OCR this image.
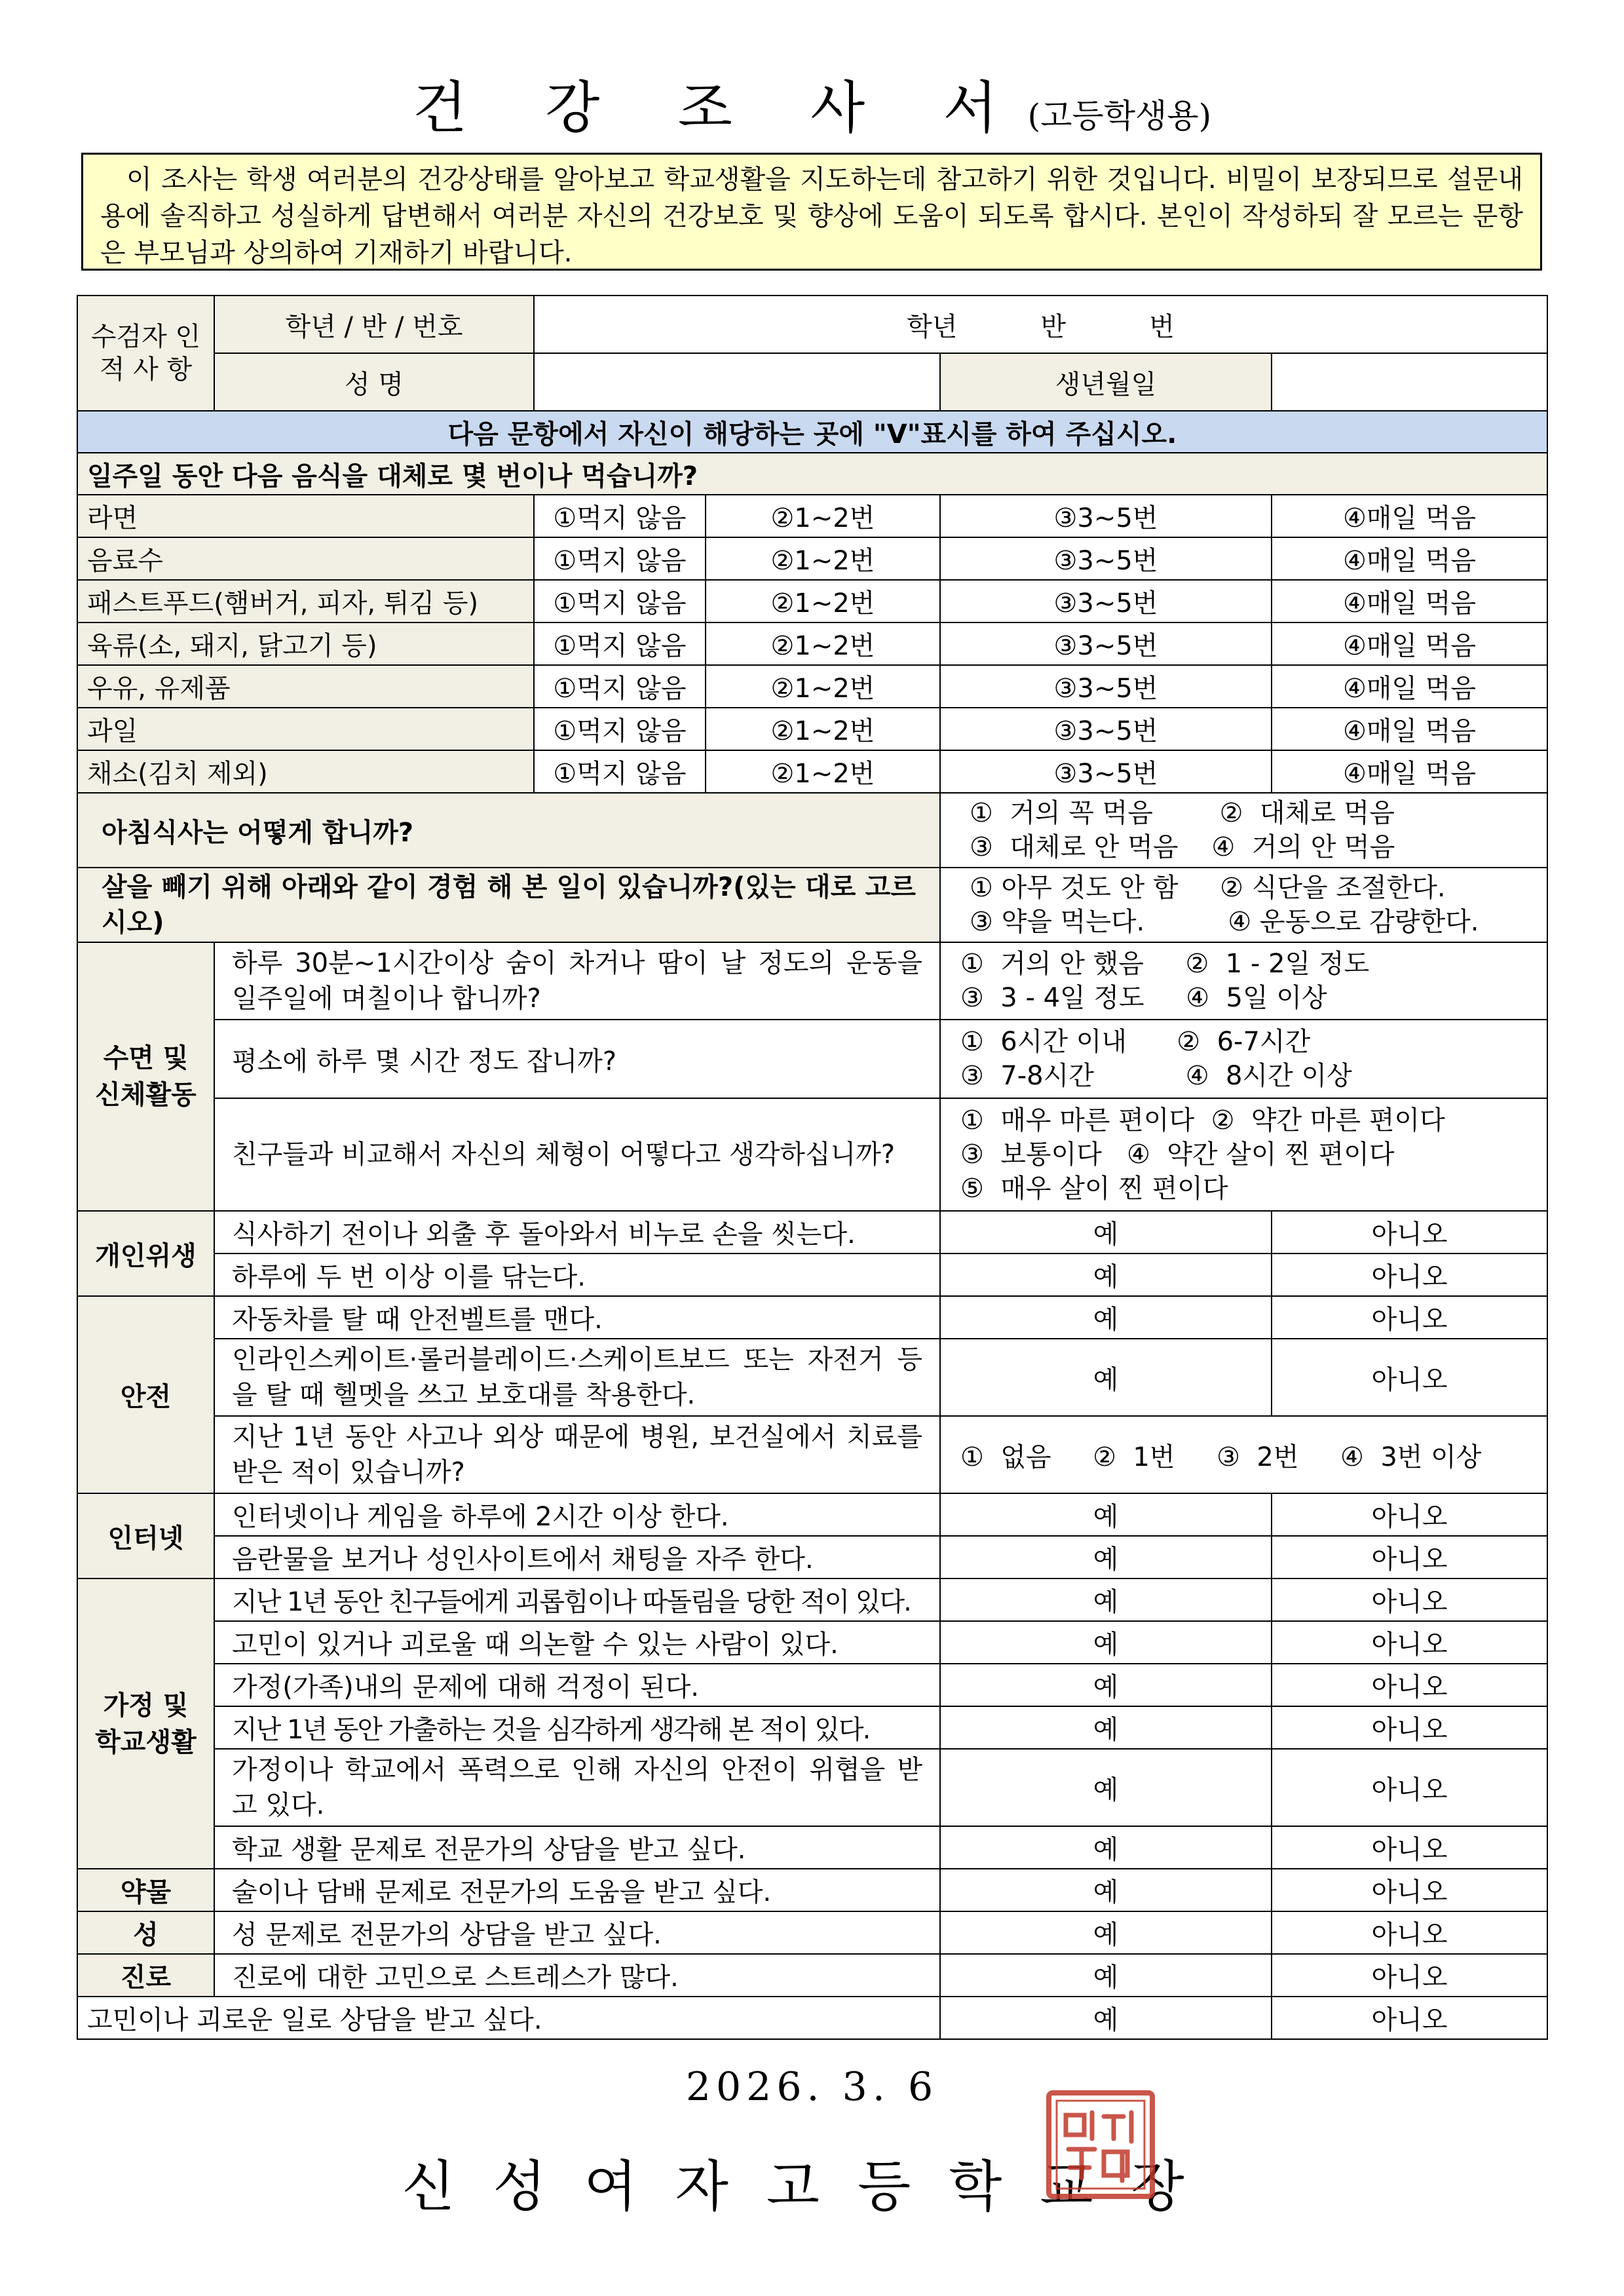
건 강 조 사 서(고등학생용)
이 조사는 학생 여러분의 건강상태를 알아보고 학교생활을 지도하는데 참고하기 위한 것입니다. 비밀이 보장되므로 설문내용에 솔직하고 성실하게 답변해서 여러분 자신의 건강보호 및 향상에 도움이 되도록 합시다. 본인이 작성하되 잘 모르는 문항은 부모님과 상의하여 기재하기 바랍니다.
수검자 인 적 사 항	학년 / 반 / 번호	학년          반          번			
	성 명			생년월일	
다음 문항에서 자신이 해당하는 곳에 "V"표시를 하여 주십시오.					
일주일 동안 다음 음식을 대체로 몇 번이나 먹습니까?					
라면		①먹지 않음	②1~2번	③3~5번	④매일 먹음
음료수		①먹지 않음	②1~2번	③3~5번	④매일 먹음
패스트푸드(햄버거, 피자, 튀김 등)		①먹지 않음	②1~2번	③3~5번	④매일 먹음
육류(소, 돼지, 닭고기 등)		①먹지 않음	②1~2번	③3~5번	④매일 먹음
우유, 유제품		①먹지 않음	②1~2번	③3~5번	④매일 먹음
과일		①먹지 않음	②1~2번	③3~5번	④매일 먹음
채소(김치 제외)		①먹지 않음	②1~2번	③3~5번	④매일 먹음
아침식사는 어떻게 합니까?				①  거의 꼭 먹음        ②  대체로 먹음
③  대체로 안 먹음    ④  거의 안 먹음	

살을 빼기 위해 아래와 같이 경험 해 본 일이 있습니까?(있는 대로 고르시오)				① 아무 것도 안 함     ② 식단을 조절한다.
③ 약을 먹는다.          ④ 운동으로 감량한다.	

수면 및 신체활동	하루 30분~1시간이상 숨이 차거나 땀이 날 정도의 운동을 일주일에 며칠이나 합니까?			①  거의 안 했음     ②  1 - 2일 정도
③  3 - 4일 정도     ④  5일 이상	

	평소에 하루 몇 시간 정도 잡니까?			①  6시간 이내      ②  6-7시간
③  7-8시간           ④  8시간 이상	

	친구들과 비교해서 자신의 체형이 어떻다고 생각하십니까?			①  매우 마른 편이다  ②  약간 마른 편이다
③  보통이다   ④  약간 살이 찐 편이다
⑤  매우 살이 찐 편이다	

개인위생	식사하기 전이나 외출 후 돌아와서 비누로 손을 씻는다.			예	아니오
	하루에 두 번 이상 이를 닦는다.			예	아니오
안전	자동차를 탈 때 안전벨트를 맨다.			예	아니오
	인라인스케이트·롤러블레이드·스케이트보드 또는 자전거 등을 탈 때 헬멧을 쓰고 보호대를 착용한다.			예	아니오
	지난 1년 동안 사고나 외상 때문에 병원, 보건실에서 치료를 받은 적이 있습니까?			①  없음     ②  1번     ③  2번     ④  3번 이상	
인터넷	인터넷이나 게임을 하루에 2시간 이상 한다.			예	아니오
	음란물을 보거나 성인사이트에서 채팅을 자주 한다.			예	아니오
가정 및 학교생활	지난 1년 동안 친구들에게 괴롭힘이나 따돌림을 당한 적이 있다.			예	아니오
	고민이 있거나 괴로울 때 의논할 수 있는 사람이 있다.			예	아니오
	가정(가족)내의 문제에 대해 걱정이 된다.			예	아니오
	지난 1년 동안 가출하는 것을 심각하게 생각해 본 적이 있다.			예	아니오
	가정이나 학교에서 폭력으로 인해 자신의 안전이 위협을 받고 있다.			예	아니오
	학교 생활 문제로 전문가의 상담을 받고 싶다.			예	아니오
약물	술이나 담배 문제로 전문가의 도움을 받고 싶다.			예	아니오
성	성 문제로 전문가의 상담을 받고 싶다.			예	아니오
진로	진로에 대한 고민으로 스트레스가 많다.			예	아니오
고민이나 괴로운 일로 상담을 받고 싶다.				예	아니오
2026. 3. 6
신성여자고등학교장
